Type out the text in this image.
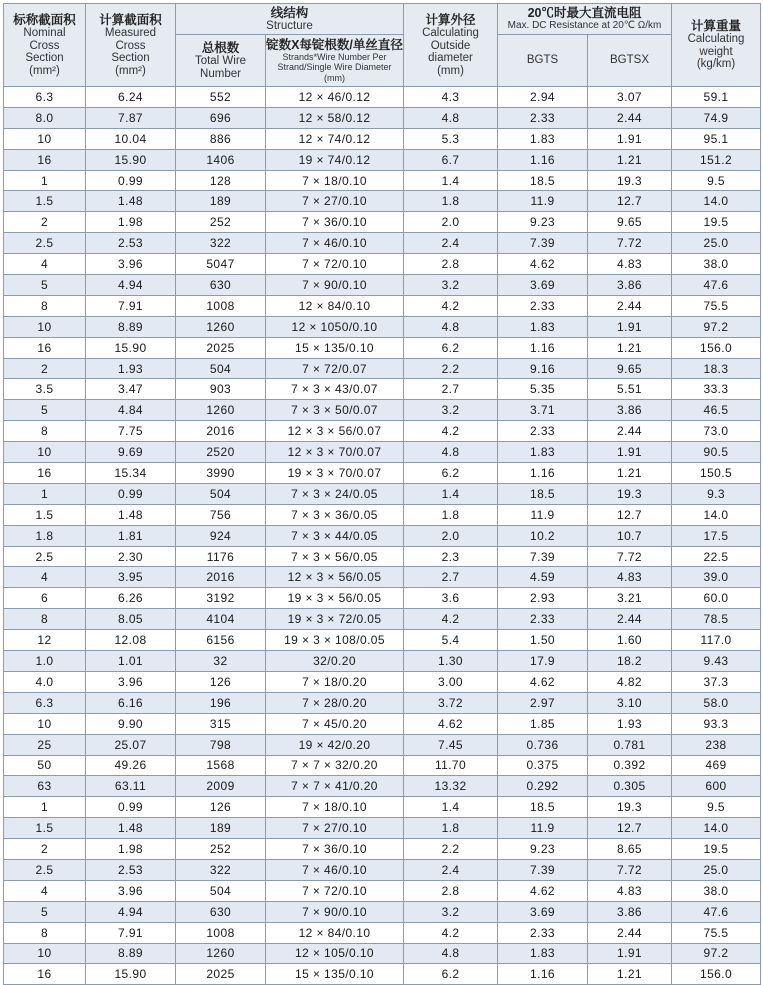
标称截面积
Nominal
Cross
Section
(mm²)	计算截面积
Measured
Cross
Section
(mm²)	线结构
Structure		计算外径
Calculating
Outside
diameter
(mm)	20℃时最大直流电阻
Max. DC Resistance at 20℃ Ω/km		计算重量
Calculating
weight
(kg/km)

		总根数
Total Wire
Number	锭数X每锭根数/单丝直径
Strands*Wire Number Per
Strand/Single Wire Diameter (mm)		BGTS	BGTSX	

6.3	6.24	552	12 × 46/0.12	4.3	2.94	3.07	59.1
8.0	7.87	696	12 × 58/0.12	4.8	2.33	2.44	74.9
10	10.04	886	12 × 74/0.12	5.3	1.83	1.91	95.1
16	15.90	1406	19 × 74/0.12	6.7	1.16	1.21	151.2
1	0.99	128	7 × 18/0.10	1.4	18.5	19.3	9.5
1.5	1.48	189	7 × 27/0.10	1.8	11.9	12.7	14.0
2	1.98	252	7 × 36/0.10	2.0	9.23	9.65	19.5
2.5	2.53	322	7 × 46/0.10	2.4	7.39	7.72	25.0
4	3.96	5047	7 × 72/0.10	2.8	4.62	4.83	38.0
5	4.94	630	7 × 90/0.10	3.2	3.69	3.86	47.6
8	7.91	1008	12 × 84/0.10	4.2	2.33	2.44	75.5
10	8.89	1260	12 × 1050/0.10	4.8	1.83	1.91	97.2
16	15.90	2025	15 × 135/0.10	6.2	1.16	1.21	156.0
2	1.93	504	7 × 72/0.07	2.2	9.16	9.65	18.3
3.5	3.47	903	7 × 3 × 43/0.07	2.7	5.35	5.51	33.3
5	4.84	1260	7 × 3 × 50/0.07	3.2	3.71	3.86	46.5
8	7.75	2016	12 × 3 × 56/0.07	4.2	2.33	2.44	73.0
10	9.69	2520	12 × 3 × 70/0.07	4.8	1.83	1.91	90.5
16	15.34	3990	19 × 3 × 70/0.07	6.2	1.16	1.21	150.5
1	0.99	504	7 × 3 × 24/0.05	1.4	18.5	19.3	9.3
1.5	1.48	756	7 × 3 × 36/0.05	1.8	11.9	12.7	14.0
1.8	1.81	924	7 × 3 × 44/0.05	2.0	10.2	10.7	17.5
2.5	2.30	1176	7 × 3 × 56/0.05	2.3	7.39	7.72	22.5
4	3.95	2016	12 × 3 × 56/0.05	2.7	4.59	4.83	39.0
6	6.26	3192	19 × 3 × 56/0.05	3.6	2.93	3.21	60.0
8	8.05	4104	19 × 3 × 72/0.05	4.2	2.33	2.44	78.5
12	12.08	6156	19 × 3 × 108/0.05	5.4	1.50	1.60	117.0
1.0	1.01	32	32/0.20	1.30	17.9	18.2	9.43
4.0	3.96	126	7 × 18/0.20	3.00	4.62	4.82	37.3
6.3	6.16	196	7 × 28/0.20	3.72	2.97	3.10	58.0
10	9.90	315	7 × 45/0.20	4.62	1.85	1.93	93.3
25	25.07	798	19 × 42/0.20	7.45	0.736	0.781	238
50	49.26	1568	7 × 7 × 32/0.20	11.70	0.375	0.392	469
63	63.11	2009	7 × 7 × 41/0.20	13.32	0.292	0.305	600
1	0.99	126	7 × 18/0.10	1.4	18.5	19.3	9.5
1.5	1.48	189	7 × 27/0.10	1.8	11.9	12.7	14.0
2	1.98	252	7 × 36/0.10	2.2	9.23	8.65	19.5
2.5	2.53	322	7 × 46/0.10	2.4	7.39	7.72	25.0
4	3.96	504	7 × 72/0.10	2.8	4.62	4.83	38.0
5	4.94	630	7 × 90/0.10	3.2	3.69	3.86	47.6
8	7.91	1008	12 × 84/0.10	4.2	2.33	2.44	75.5
10	8.89	1260	12 × 105/0.10	4.8	1.83	1.91	97.2
16	15.90	2025	15 × 135/0.10	6.2	1.16	1.21	156.0
